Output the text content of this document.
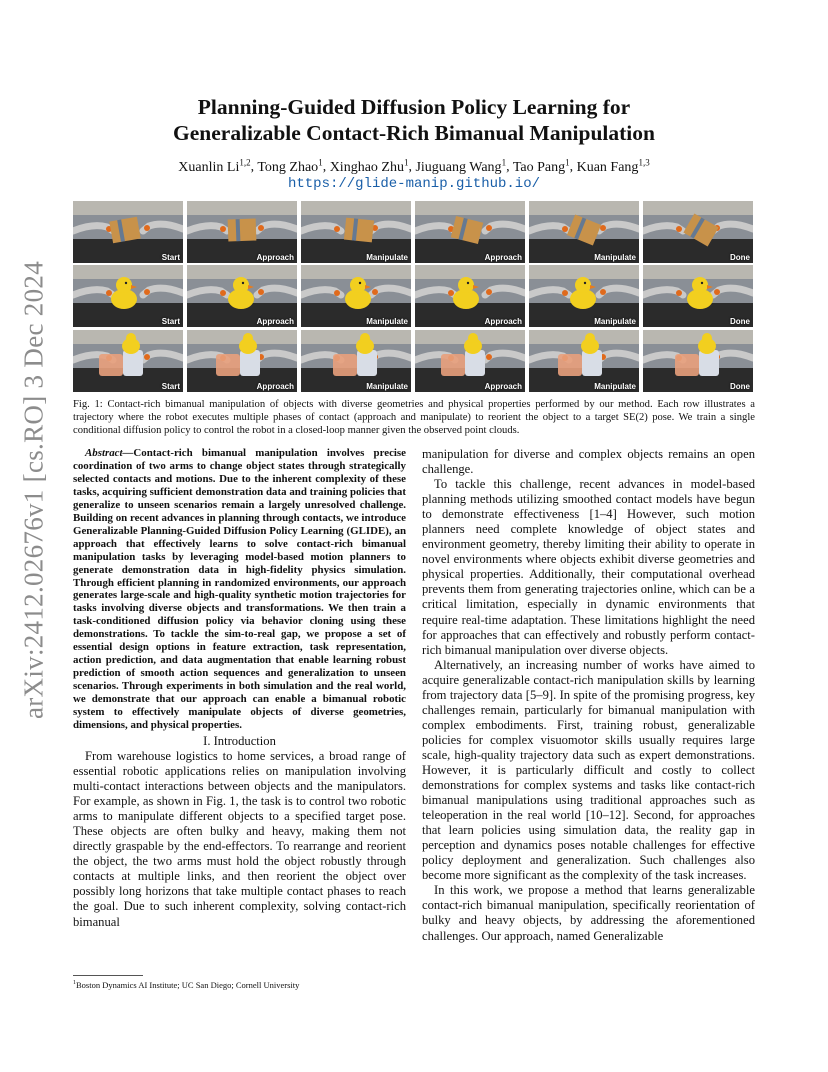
arXiv:2412.02676v1 [cs.RO] 3 Dec 2024
Planning-Guided Diffusion Policy Learning for
Generalizable Contact-Rich Bimanual Manipulation
Xuanlin Li$^{1,2}$, Tong Zhao$^1$, Xinghao Zhu$^1$, Jiuguang Wang$^1$, Tao Pang$^1$, Kuan Fang$^{1,3}$
https://glide-manip.github.io/
Start	Approach	Manipulate	Approach	Manipulate	Done
Start	Approach	Manipulate	Approach	Manipulate	Done
Start	Approach	Manipulate	Approach	Manipulate	Done
Fig. 1: Contact-rich bimanual manipulation of objects with diverse geometries and physical properties performed by our method. Each row illustrates a trajectory where the robot executes multiple phases of contact (approach and manipulate) to reorient the object to a target SE(2) pose. We train a single conditional diffusion policy to control the robot in a closed-loop manner given the observed point clouds.

Abstract—Contact-rich bimanual manipulation involves precise coordination of two arms to change object states through strategically selected contacts and motions. Due to the inherent complexity of these tasks, acquiring sufficient demonstration data and training policies that generalize to unseen scenarios remain a largely unresolved challenge. Building on recent advances in planning through contacts, we introduce Generalizable Planning-Guided Diffusion Policy Learning (GLIDE), an approach that effectively learns to solve contact-rich bimanual manipulation tasks by leveraging model-based motion planners to generate demonstration data in high-fidelity physics simulation. Through efficient planning in randomized environments, our approach generates large-scale and high-quality synthetic motion trajectories for tasks involving diverse objects and transformations. We then train a task-conditioned diffusion policy via behavior cloning using these demonstrations. To tackle the sim-to-real gap, we propose a set of essential design options in feature extraction, task representation, action prediction, and data augmentation that enable learning robust prediction of smooth action sequences and generalization to unseen scenarios. Through experiments in both simulation and the real world, we demonstrate that our approach can enable a bimanual robotic system to effectively manipulate objects of diverse geometries, dimensions, and physical properties.

I. Introduction

From warehouse logistics to home services, a broad range of essential robotic applications relies on manipulation involving multi-contact interactions between objects and the manipulators. For example, as shown in Fig. 1, the task is to control two robotic arms to manipulate different objects to a specified target pose. These objects are often bulky and heavy, making them not directly graspable by the end-effectors. To rearrange and reorient the object, the two arms must hold the object robustly through contacts at multiple links, and then reorient the object over possibly long horizons that take multiple contact phases to reach the goal. Due to such inherent complexity, solving contact-rich bimanual

manipulation for diverse and complex objects remains an open challenge.

To tackle this challenge, recent advances in model-based planning methods utilizing smoothed contact models have begun to demonstrate effectiveness [1–4] However, such motion planners need complete knowledge of object states and environment geometry, thereby limiting their ability to operate in novel environments where objects exhibit diverse geometries and physical properties. Additionally, their computational overhead prevents them from generating trajectories online, which can be a critical limitation, especially in dynamic environments that require real-time adaptation. These limitations highlight the need for approaches that can effectively and robustly perform contact-rich bimanual manipulation over diverse objects.

Alternatively, an increasing number of works have aimed to acquire generalizable contact-rich manipulation skills by learning from trajectory data [5–9]. In spite of the promising progress, key challenges remain, particularly for bimanual manipulation with complex embodiments. First, training robust, generalizable policies for complex visuomotor skills usually requires large scale, high-quality trajectory data such as expert demonstrations. However, it is particularly difficult and costly to collect demonstrations for complex systems and tasks like contact-rich bimanual manipulations using traditional approaches such as teleoperation in the real world [10–12]. Second, for approaches that learn policies using simulation data, the reality gap in perception and dynamics poses notable challenges for effective policy deployment and generalization. Such challenges also become more significant as the complexity of the task increases.

In this work, we propose a method that learns generalizable contact-rich bimanual manipulation, specifically reorientation of bulky and heavy objects, by addressing the aforementioned challenges. Our approach, named Generalizable

$^1$Boston Dynamics AI Institute; UC San Diego; Cornell University
